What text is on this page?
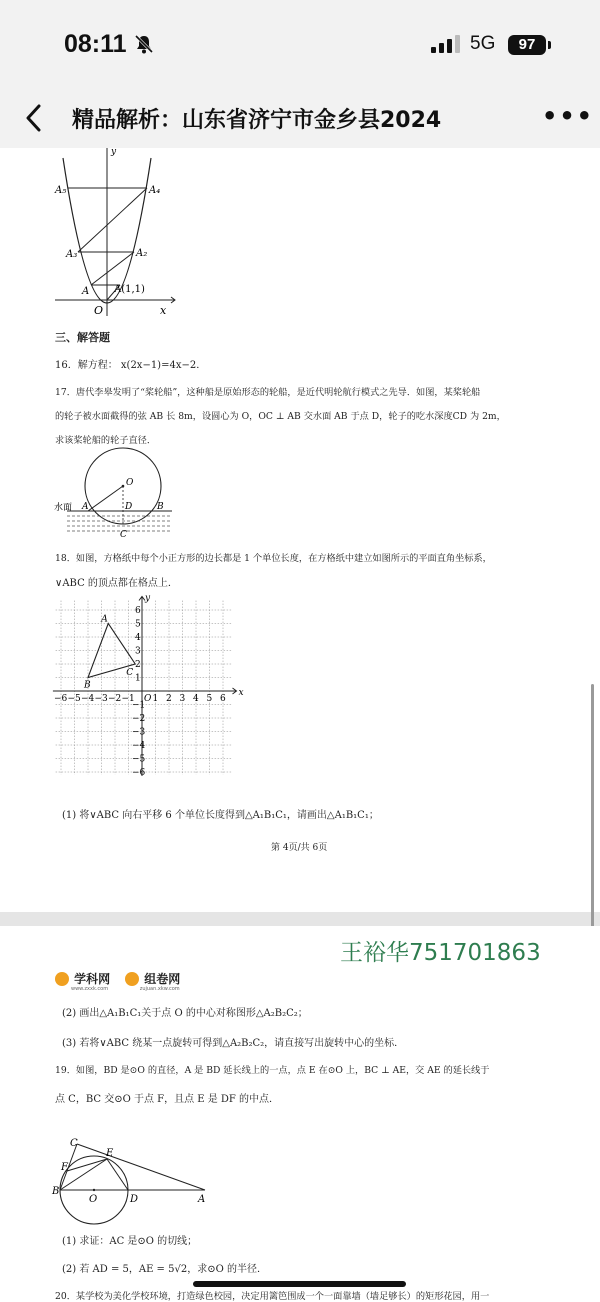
08:11	5G	97
精品解析：山东省济宁市金乡县2024	•••
A₅	A₄
A₃	A₂
A A(1,1)
O	x
y
三、解答题
16．解方程： x(2x−1)=4x−2．
17．唐代李皋发明了“桨轮船”，这种船是原始形态的轮船，是近代明轮航行模式之先导．如图，某桨轮船
的轮子被水面截得的弦 AB 长 8m，设圆心为 O，OC ⊥ AB 交水面 AB 于点 D，轮子的吃水深度CD 为 2m，
求该桨轮船的轮子直径．
水面 A	B
D
C
O
18．如图，方格纸中每个小正方形的边长都是 1 个单位长度，在方格纸中建立如图所示的平面直角坐标系，
∨ABC 的顶点都在格点上．
−6 −5 −4 −3 −2 −1 1 2 3 4 5 6
6
5
4
3
2
1
−1
−2
−3
−4
−5
−6
O
x
y
A
B
C
(1) 将∨ABC 向右平移 6 个单位长度得到△A₁B₁C₁，请画出△A₁B₁C₁；
第 4页/共 6页
王裕华751701863
学科网	组卷网
www.zxxk.com	zujuan.xkw.com
(2) 画出△A₁B₁C₁关于点 O 的中心对称图形△A₂B₂C₂；
(3) 若将∨ABC 绕某一点旋转可得到△A₂B₂C₂，请直接写出旋转中心的坐标．
19．如图，BD 是⊙O 的直径，A 是 BD 延长线上的一点，点 E 在⊙O 上，BC ⊥ AE，交 AE 的延长线于
点 C，BC 交⊙O 于点 F，且点 E 是 DF 的中点．
C
E
F
B
O	D	A
(1) 求证：AC 是⊙O 的切线；
(2) 若 AD = 5，AE = 5√2，求⊙O 的半径．
20．某学校为美化学校环境，打造绿色校园，决定用篱笆围成一个一面靠墙（墙足够长）的矩形花园，用一
